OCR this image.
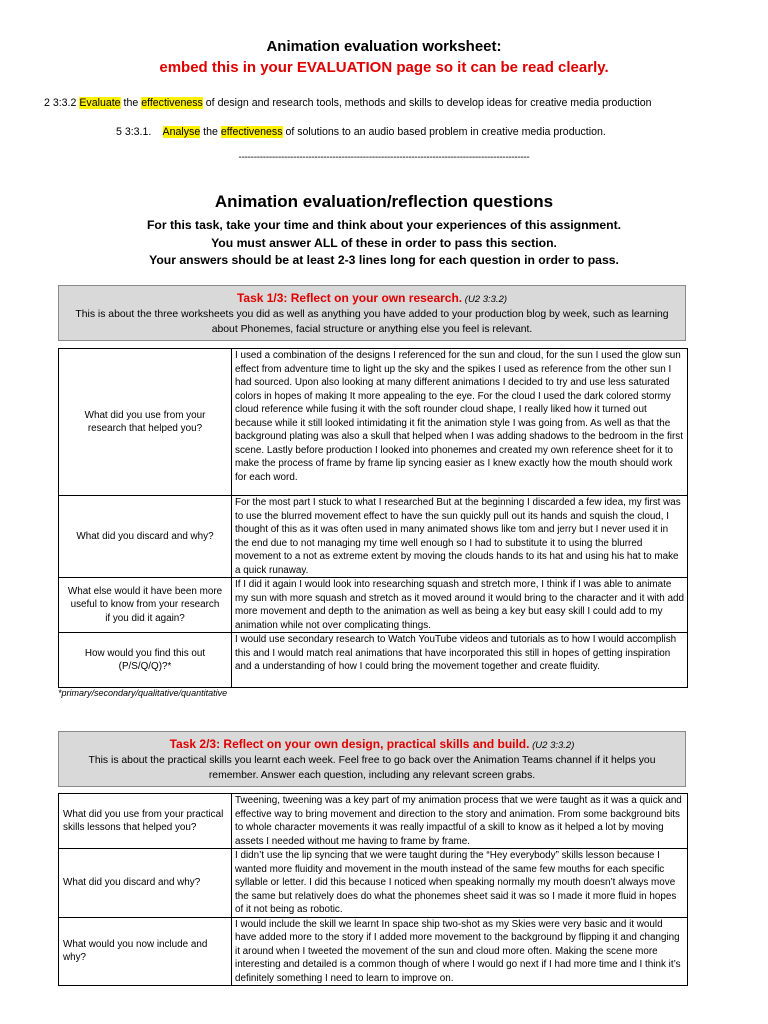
Animation evaluation worksheet:
embed this in your EVALUATION page so it can be read clearly.
2 3:3.2 Evaluate the effectiveness of design and research tools, methods and skills to develop ideas for creative media production
5 3:3.1.    Analyse the effectiveness of solutions to an audio based problem in creative media production.
------------------------------------------------------------------------------------------------
Animation evaluation/reflection questions
For this task, take your time and think about your experiences of this assignment.
You must answer ALL of these in order to pass this section.
Your answers should be at least 2-3 lines long for each question in order to pass.
Task 1/3: Reflect on your own research. (U2 3:3.2)
This is about the three worksheets you did as well as anything you have added to your production blog by week, such as learning about Phonemes, facial structure or anything else you feel is relevant.
What did you use from your research that helped you?	I used a combination of the designs I referenced for the sun and cloud, for the sun I used the glow sun effect from adventure time to light up the sky and the spikes I used as reference from the other sun I had sourced. Upon also looking at many different animations I decided to try and use less saturated colors in hopes of making It more appealing to the eye. For the cloud I used the dark colored stormy cloud reference while fusing it with the soft rounder cloud shape, I really liked how it turned out because while it still looked intimidating it fit the animation style I was going from. As well as that the background plating was also a skull that helped when I was adding shadows to the bedroom in the first scene. Lastly before production I looked into phonemes and created my own reference sheet for it to make the process of frame by frame lip syncing easier as I knew exactly how the mouth should work for each word.
What did you discard and why?	For the most part I stuck to what I researched But at the beginning I discarded a few idea, my first was to use the blurred movement effect to have the sun quickly pull out its hands and squish the cloud, I thought of this as it was often used in many animated shows like tom and jerry but I never used it in the end due to not managing my time well enough so I had to substitute it to using the blurred movement to a not as extreme extent by moving the clouds hands to its hat and using his hat to make a quick runaway.
What else would it have been more useful to know from your research if you did it again?	If I did it again I would look into researching squash and stretch more, I think if I was able to animate my sun with more squash and stretch as it moved around it would bring to the character and it with add more movement and depth to the animation as well as being a key but easy skill I could add to my animation while not over complicating things.
How would you find this out (P/S/Q/Q)?*	I would use secondary research to Watch YouTube videos and tutorials as to how I would accomplish this and I would match real animations that have incorporated this still in hopes of getting inspiration and a understanding of how I could bring the movement together and create fluidity.
*primary/secondary/qualitative/quantitative
Task 2/3: Reflect on your own design, practical skills and build. (U2 3:3.2)
This is about the practical skills you learnt each week. Feel free to go back over the Animation Teams channel if it helps you remember. Answer each question, including any relevant screen grabs.
What did you use from your practical skills lessons that helped you?	Tweening, tweening was a key part of my animation process that we were taught as it was a quick and effective way to bring movement and direction to the story and animation. From some background bits to whole character movements it was really impactful of a skill to know as it helped a lot by moving assets I needed without me having to frame by frame.
What did you discard and why?	I didn’t use the lip syncing that we were taught during the “Hey everybody” skills lesson because I wanted more fluidity and movement in the mouth instead of the same few mouths for each specific syllable or letter. I did this because I noticed when speaking normally my mouth doesn’t always move the same but relatively does do what the phonemes sheet said it was so I made it more fluid in hopes of it not being as robotic.
What would you now include and why?	I would include the skill we learnt In space ship two-shot as my Skies were very basic and it would have added more to the story if I added more movement to the background by flipping it and changing it around when I tweeted the movement of the sun and cloud more often. Making the scene more interesting and detailed is a common though of where I would go next if I had more time and I think it’s definitely something I need to learn to improve on.
